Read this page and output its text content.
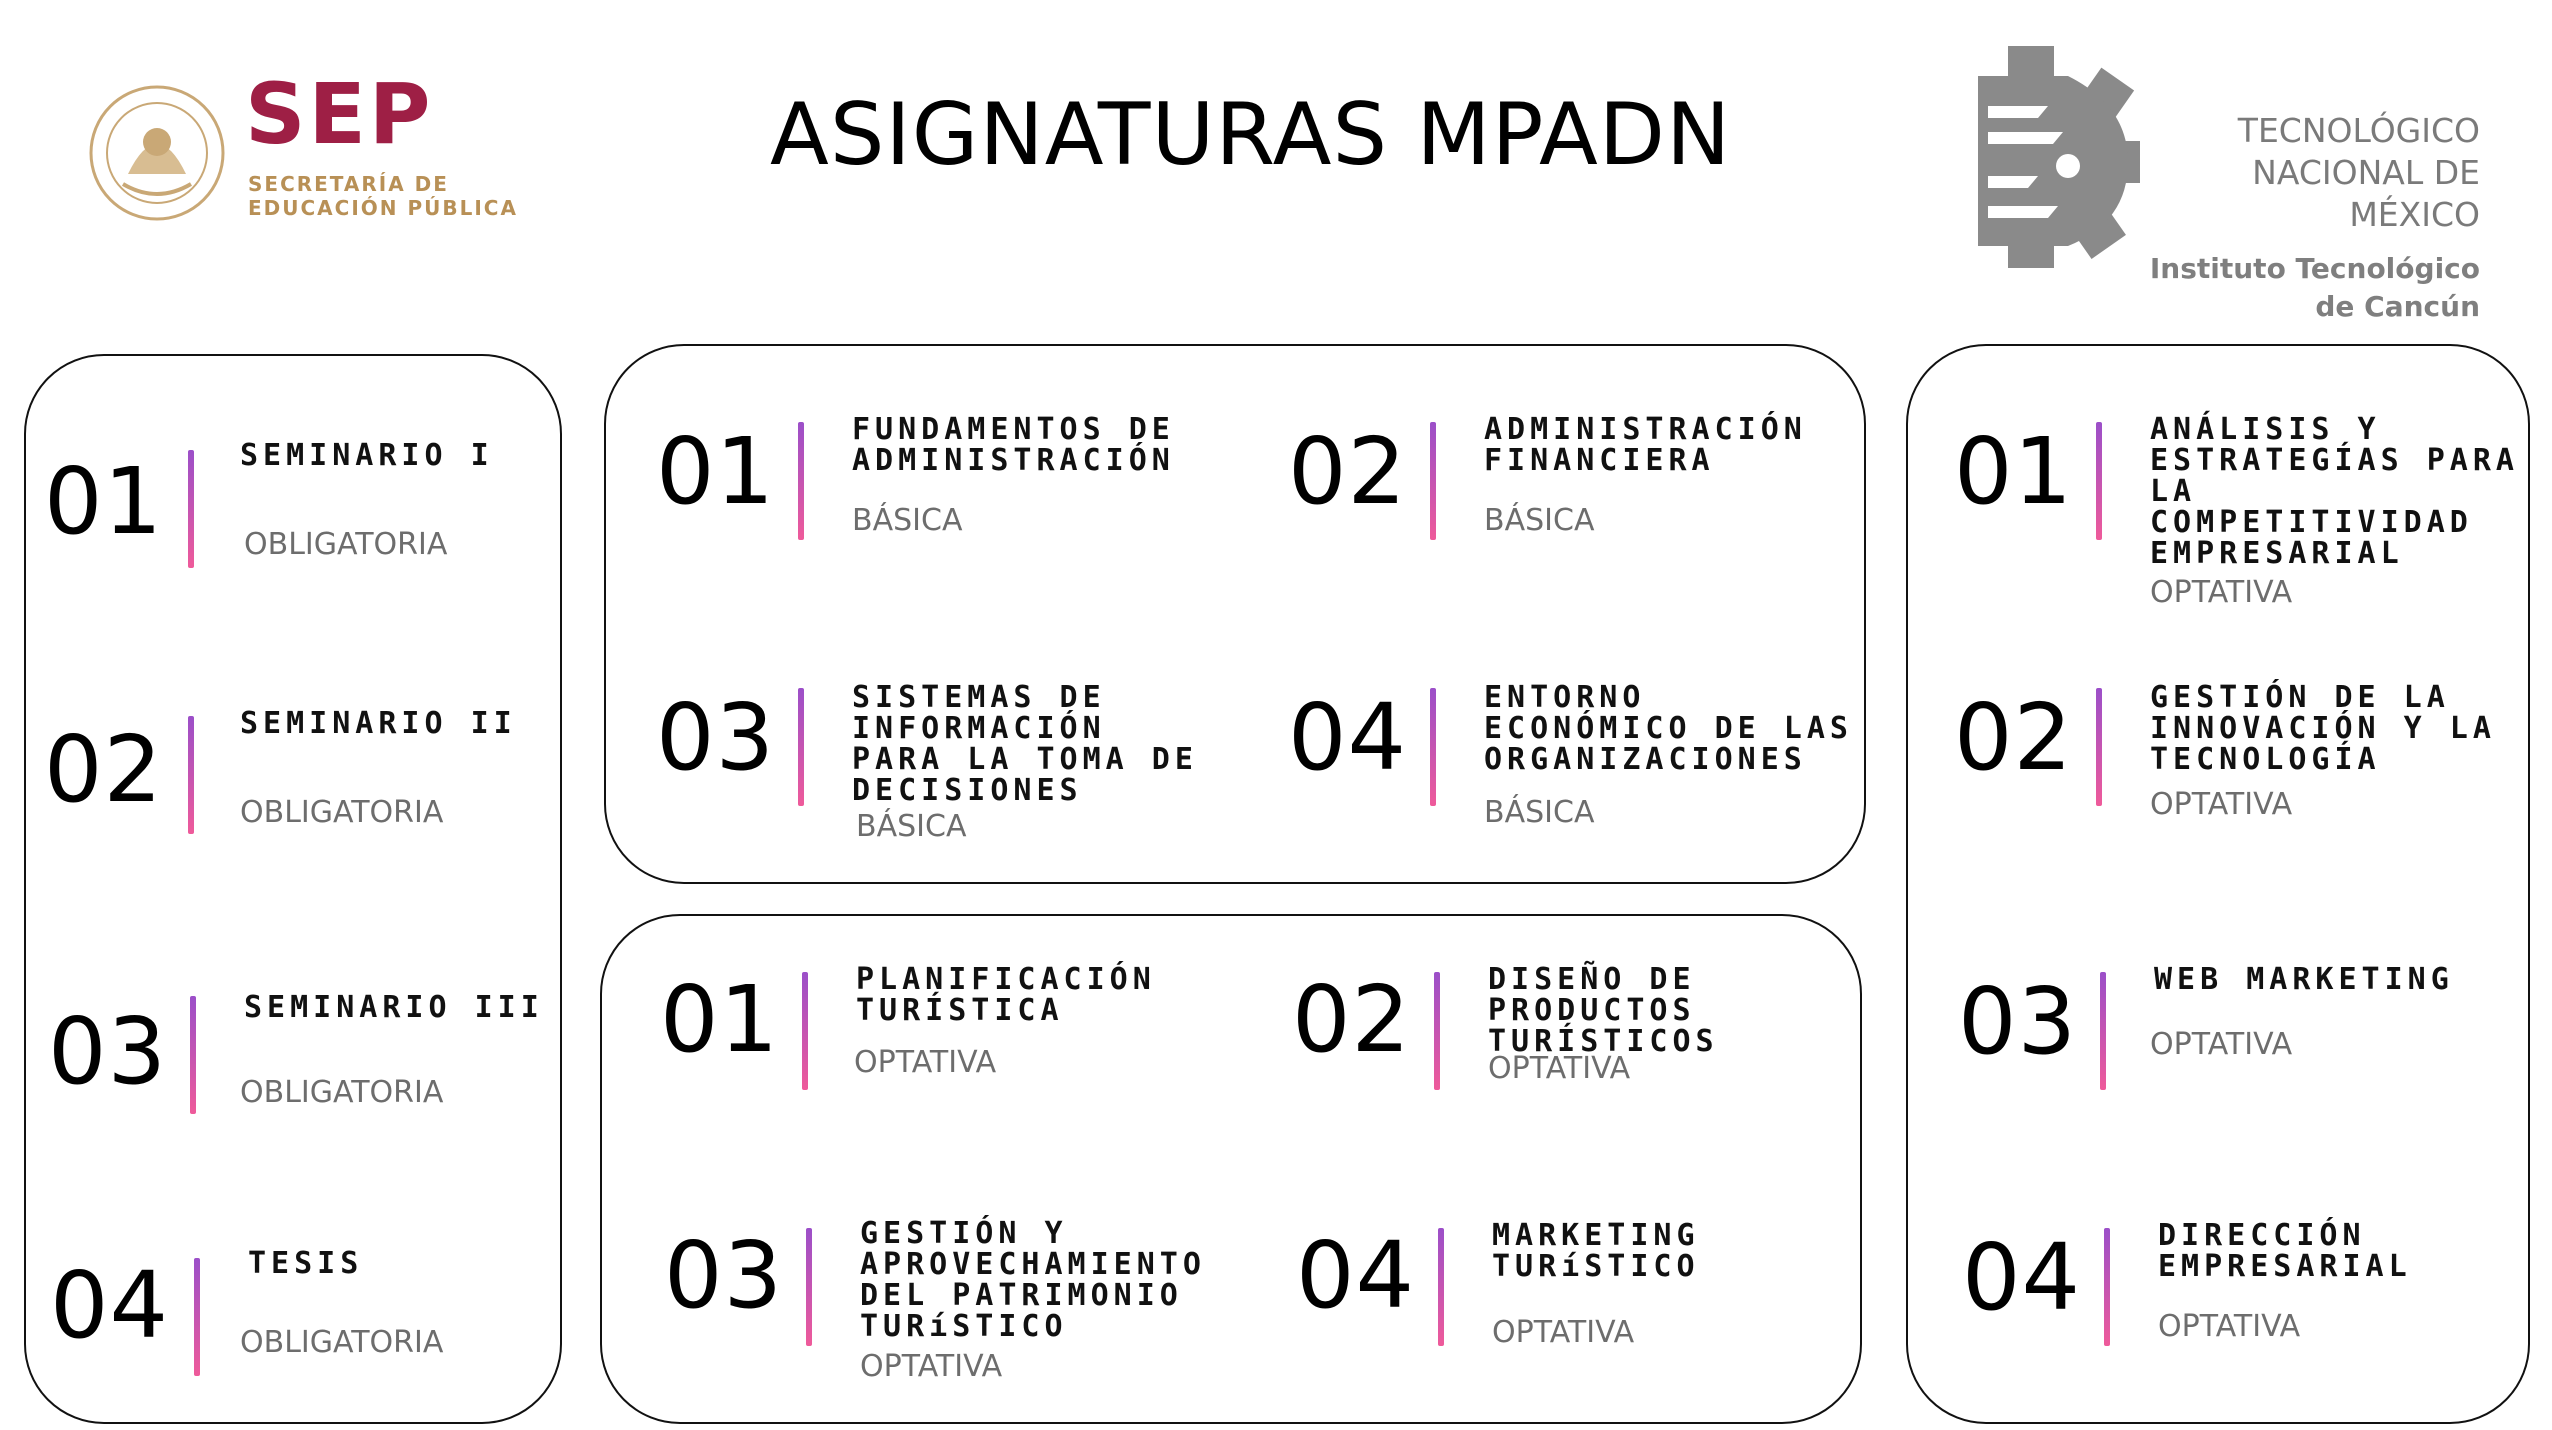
SEP
SECRETARÍA DE
EDUCACIÓN PÚBLICA
ASIGNATURAS MPADN	TECNOLÓGICO
NACIONAL DE MÉXICO
Instituto Tecnológico
de Cancún
01	SEMINARIO I
OBLIGATORIA
02	SEMINARIO II
OBLIGATORIA
03	SEMINARIO III
OBLIGATORIA
04	TESIS
OBLIGATORIA
01	FUNDAMENTOS DE
ADMINISTRACIÓN
BÁSICA	02	ADMINISTRACIÓN
FINANCIERA
BÁSICA
03	SISTEMAS DE
INFORMACIÓN
PARA LA TOMA DE
DECISIONES
BÁSICA
04	ENTORNO
ECONÓMICO DE LAS
ORGANIZACIONES
BÁSICA
01	PLANIFICACIÓN
TURÍSTICA
OPTATIVA	02	DISEÑO DE
PRODUCTOS
TURÍSTICOS
OPTATIVA
03	GESTIÓN Y
APROVECHAMIENTO
DEL PATRIMONIO
TURíSTICO
OPTATIVA
04	MARKETING
TURíSTICO
OPTATIVA
01	ANÁLISIS Y
ESTRATEGÍAS PARA
LA
COMPETITIVIDAD
EMPRESARIAL
OPTATIVA
02	GESTIÓN DE LA
INNOVACIÓN Y LA
TECNOLOGÍA
OPTATIVA
03	WEB MARKETING
OPTATIVA
04	DIRECCIÓN
EMPRESARIAL
OPTATIVA
